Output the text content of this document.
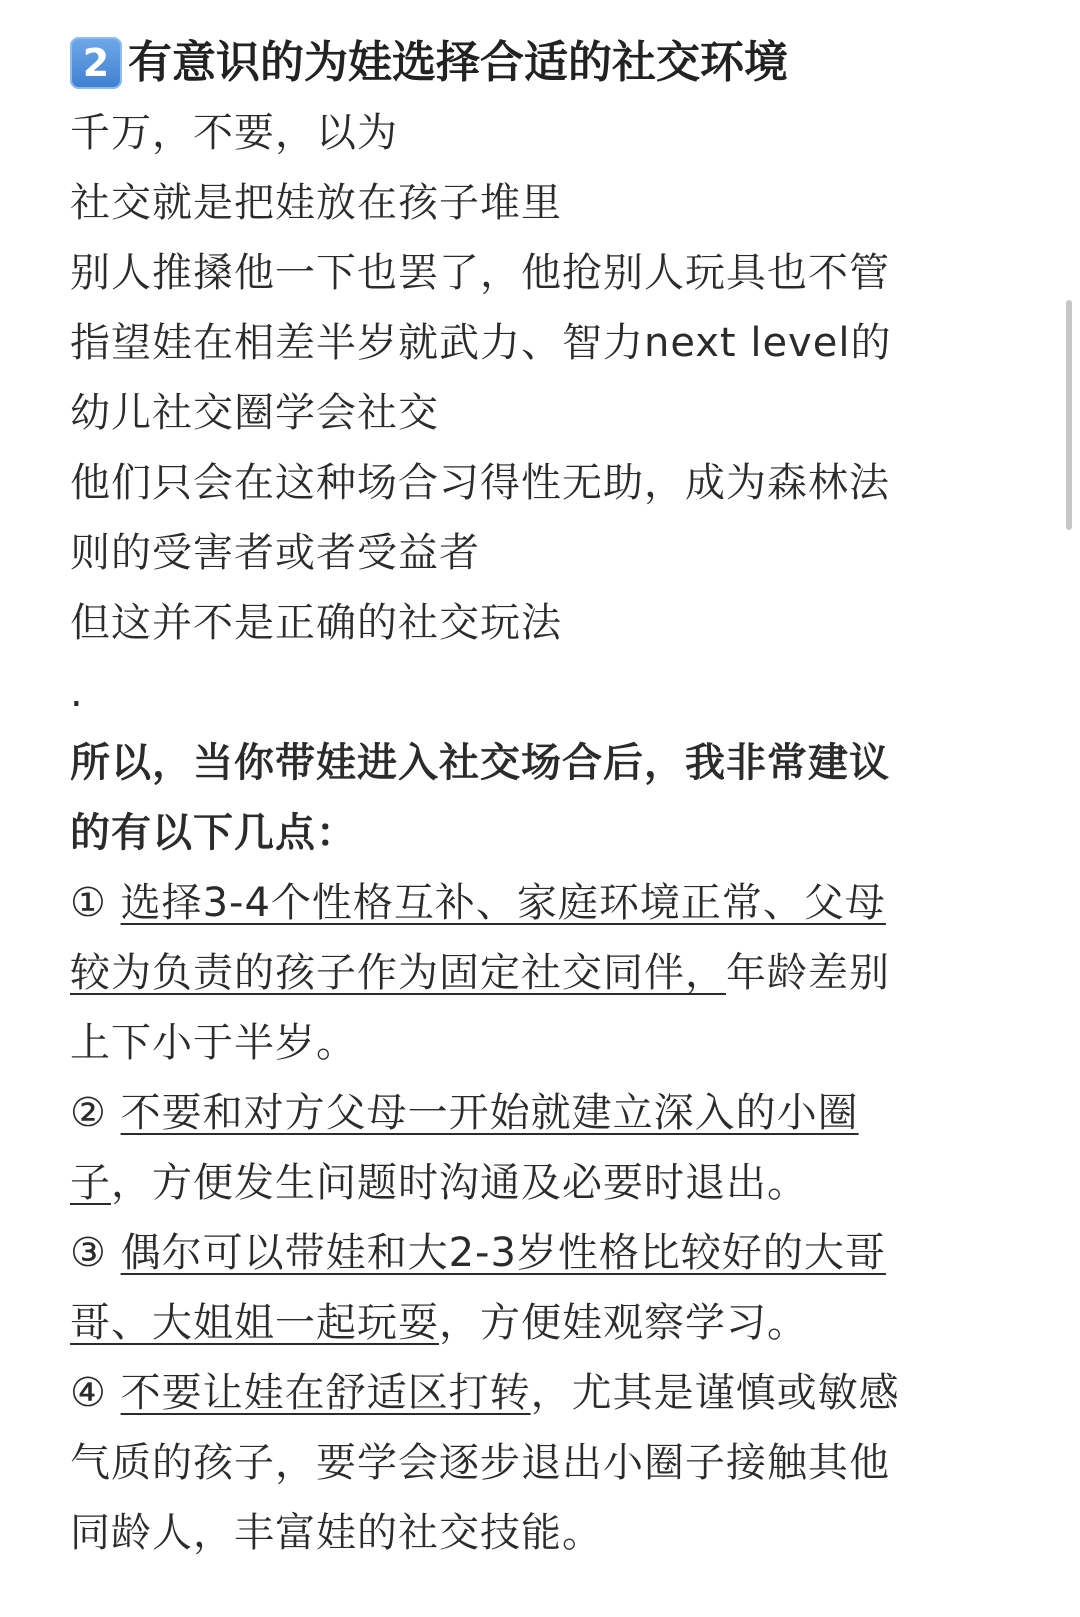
2 有意识的为娃选择合适的社交环境
千万，不要，以为
社交就是把娃放在孩子堆里
别人推搡他一下也罢了，他抢别人玩具也不管
指望娃在相差半岁就武力、智力next level的
幼儿社交圈学会社交
他们只会在这种场合习得性无助，成为森林法
则的受害者或者受益者
但这并不是正确的社交玩法
.
所以，当你带娃进入社交场合后，我非常建议
的有以下几点：
① 选择3-4个性格互补、家庭环境正常、父母
较为负责的孩子作为固定社交同伴，年龄差别
上下小于半岁。
② 不要和对方父母一开始就建立深入的小圈
子，方便发生问题时沟通及必要时退出。
③ 偶尔可以带娃和大2-3岁性格比较好的大哥
哥、大姐姐一起玩耍，方便娃观察学习。
④ 不要让娃在舒适区打转，尤其是谨慎或敏感
气质的孩子，要学会逐步退出小圈子接触其他
同龄人，丰富娃的社交技能。
